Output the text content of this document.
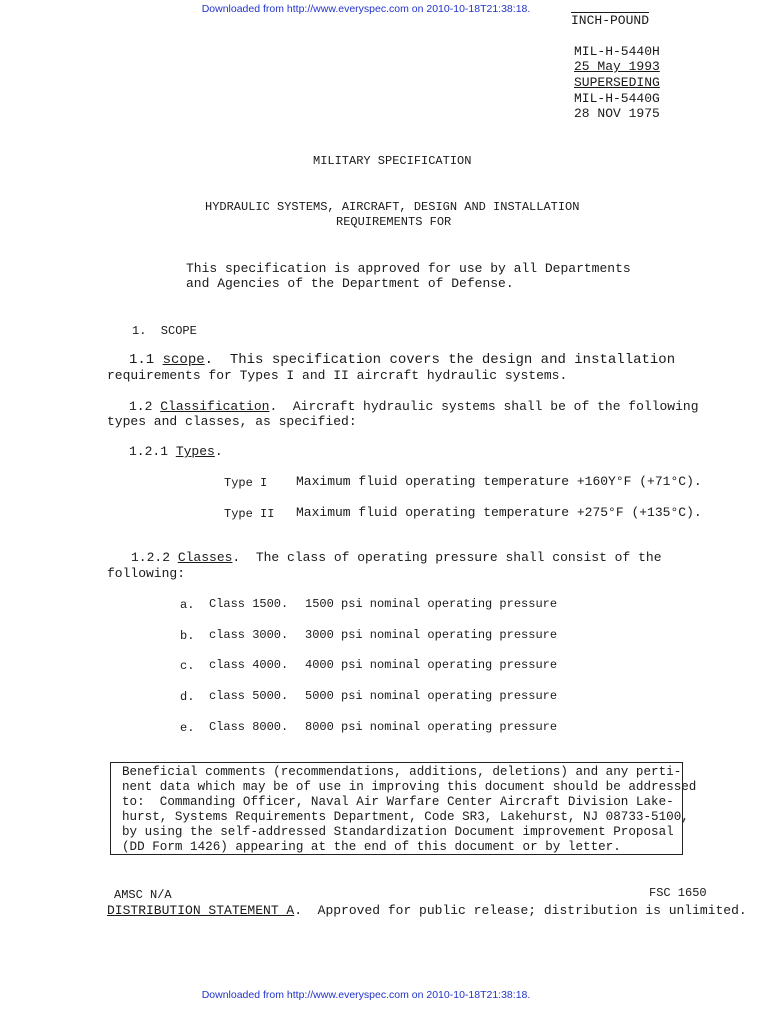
Downloaded from http://www.everyspec.com on 2010-10-18T21:38:18.
INCH-POUND
MIL-H-5440H
25 May 1993
SUPERSEDING
MIL-H-5440G
28 NOV 1975
MILITARY SPECIFICATION
HYDRAULIC SYSTEMS, AIRCRAFT, DESIGN AND INSTALLATION
REQUIREMENTS FOR
This specification is approved for use by all Departments
and Agencies of the Department of Defense.
1.  SCOPE
1.1 scope.  This specification covers the design and installation
requirements for Types I and II aircraft hydraulic systems.
1.2 Classification.  Aircraft hydraulic systems shall be of the following
types and classes, as specified:
1.2.1 Types.
Type I Maximum fluid operating temperature +160Y°F (+71°C).
Type II Maximum fluid operating temperature +275°F (+135°C).
1.2.2 Classes.  The class of operating pressure shall consist of the
following:
a. Class 1500. 1500 psi nominal operating pressure
b. class 3000. 3000 psi nominal operating pressure
c. class 4000. 4000 psi nominal operating pressure
d. class 5000. 5000 psi nominal operating pressure
e. Class 8000. 8000 psi nominal operating pressure
Beneficial comments (recommendations, additions, deletions) and any perti-
nent data which may be of use in improving this document should be addressed
to:  Commanding Officer, Naval Air Warfare Center Aircraft Division Lake-
hurst, Systems Requirements Department, Code SR3, Lakehurst, NJ 08733-5100,
by using the self-addressed Standardization Document improvement Proposal
(DD Form 1426) appearing at the end of this document or by letter.
AMSC N/A	FSC 1650
DISTRIBUTION STATEMENT A.  Approved for public release; distribution is unlimited.
Downloaded from http://www.everyspec.com on 2010-10-18T21:38:18.
